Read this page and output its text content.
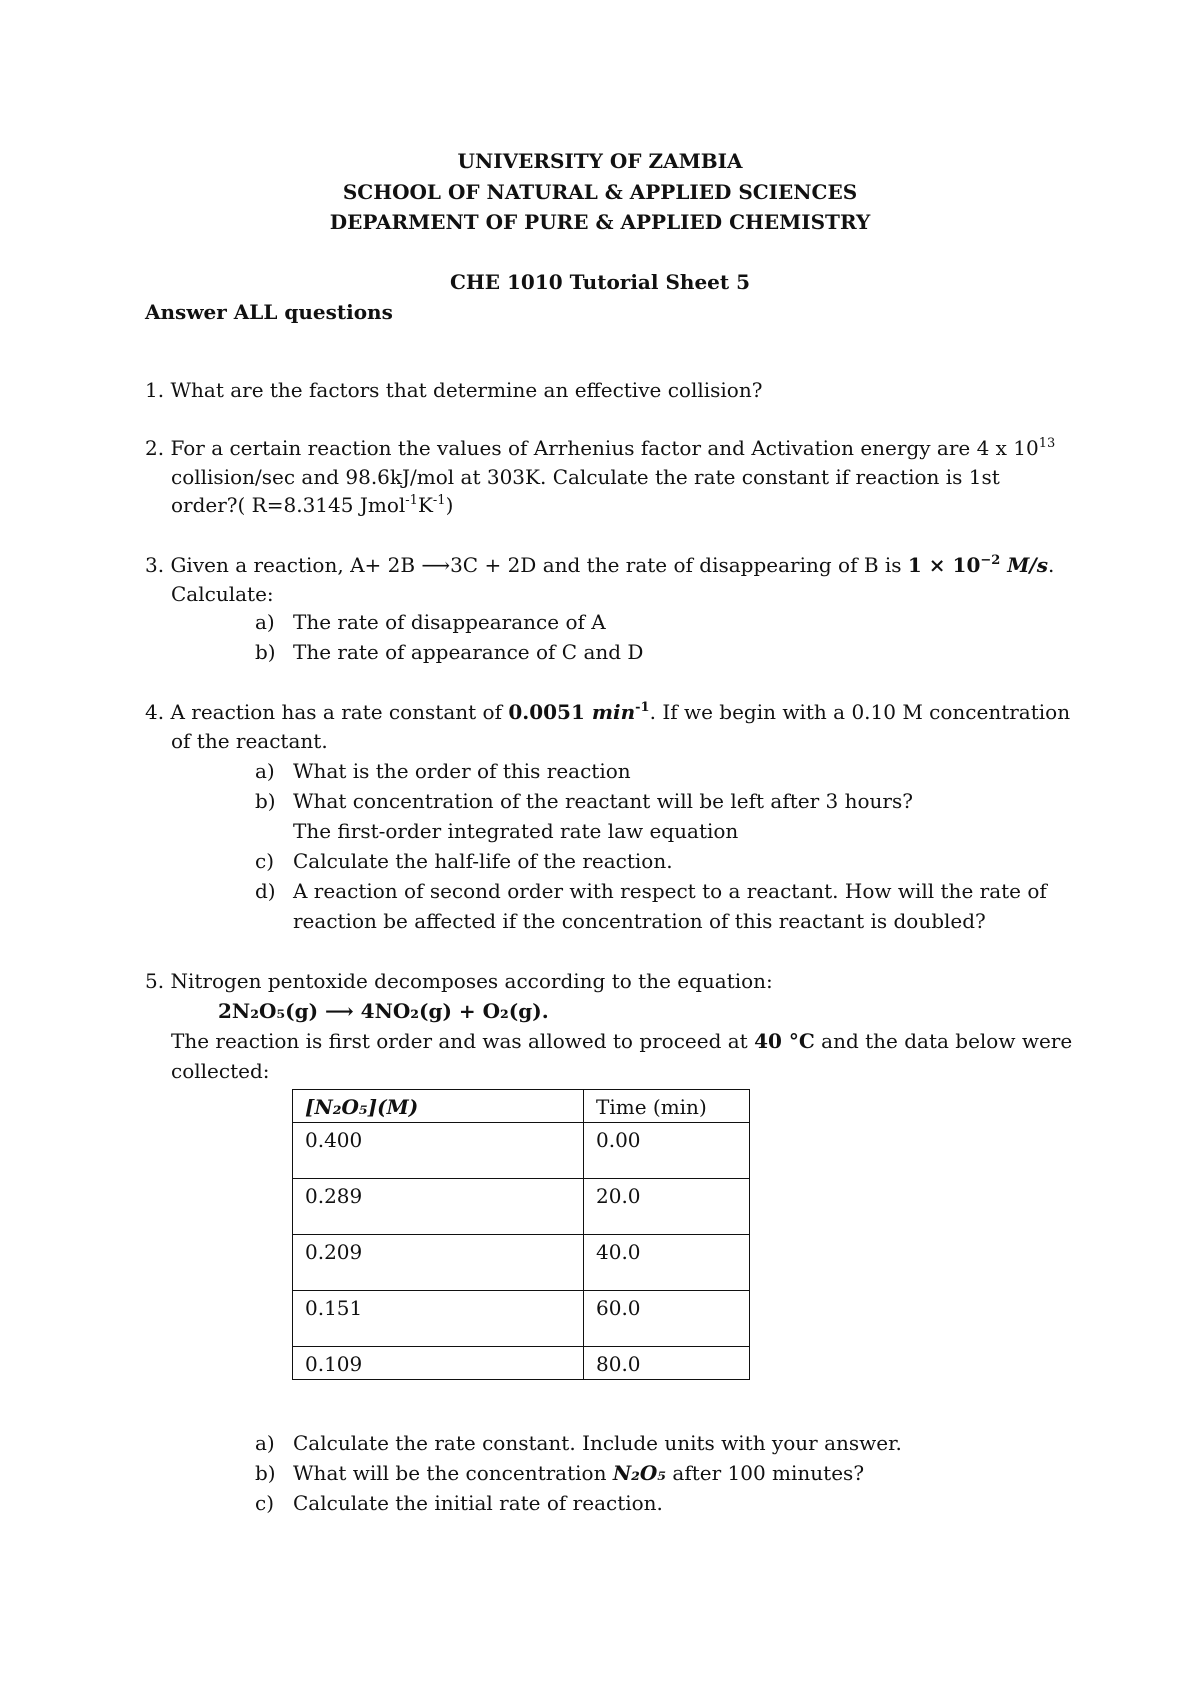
UNIVERSITY OF ZAMBIA
SCHOOL OF NATURAL & APPLIED SCIENCES
DEPARMENT OF PURE & APPLIED CHEMISTRY
CHE 1010 Tutorial Sheet 5
Answer ALL questions
1. What are the factors that determine an effective collision?
2. For a certain reaction the values of Arrhenius factor and Activation energy are 4 x $10^{13}$
collision/sec and 98.6kJ/mol at 303K. Calculate the rate constant if reaction is 1st
order?( R=8.3145 $Jmol^{-1}K^{-1}$)
3. Given a reaction, A+ 2B ⟶3C + 2D and the rate of disappearing of B is $1 \times 10^{-2}$ M/s.
Calculate:
a) The rate of disappearance of A
b) The rate of appearance of C and D
4. A reaction has a rate constant of 0.0051 $\min^{-1}$. If we begin with a 0.10 M concentration
of the reactant.
a) What is the order of this reaction
b) What concentration of the reactant will be left after 3 hours?
The first-order integrated rate law equation
c) Calculate the half-life of the reaction.
d) A reaction of second order with respect to a reactant. How will the rate of
reaction be affected if the concentration of this reactant is doubled?
5. Nitrogen pentoxide decomposes according to the equation:
2N₂O₅(g) ⟶ 4NO₂(g) + O₂(g).
The reaction is first order and was allowed to proceed at 40 °C and the data below were
collected:
[N₂O₅](M)	Time (min)
0.400	0.00
0.289	20.0
0.209	40.0
0.151	60.0
0.109	80.0
a) Calculate the rate constant. Include units with your answer.
b) What will be the concentration N₂O₅ after 100 minutes?
c) Calculate the initial rate of reaction.
